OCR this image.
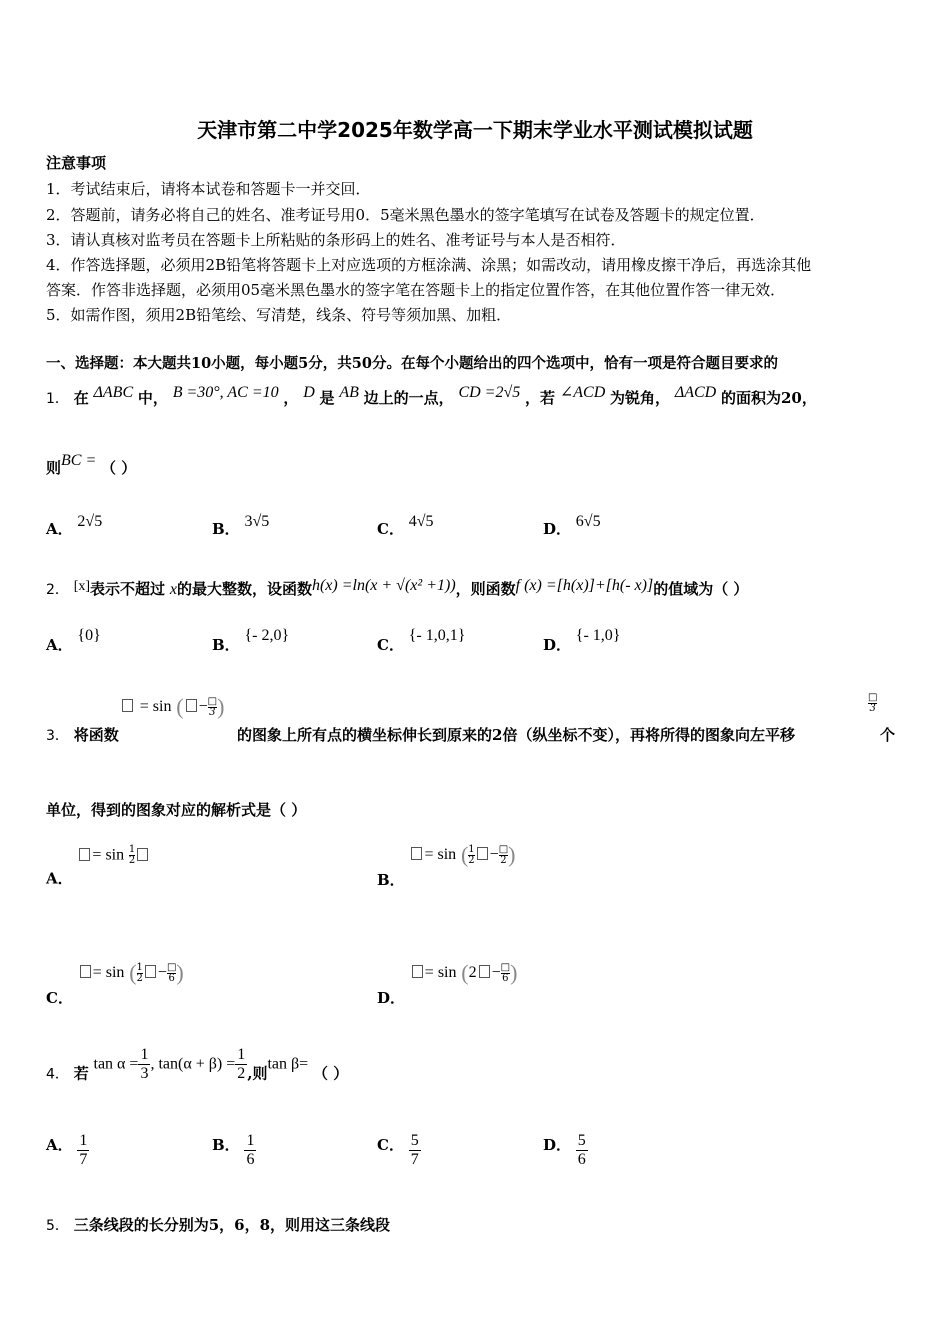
天津市第二中学2025年数学高一下期末学业水平测试模拟试题
注意事项
1．考试结束后，请将本试卷和答题卡一并交回．
2．答题前，请务必将自己的姓名、准考证号用0．5毫米黑色墨水的签字笔填写在试卷及答题卡的规定位置．
3．请认真核对监考员在答题卡上所粘贴的条形码上的姓名、准考证号与本人是否相符．
4．作答选择题，必须用2B铅笔将答题卡上对应选项的方框涂满、涂黑；如需改动，请用橡皮擦干净后，再选涂其他
答案．作答非选择题，必须用05毫米黑色墨水的签字笔在答题卡上的指定位置作答，在其他位置作答一律无效．
5．如需作图，须用2B铅笔绘、写清楚，线条、符号等须加黑、加粗．
一、选择题：本大题共10小题，每小题5分，共50分。在每个小题给出的四个选项中，恰有一项是符合题目要求的
1． 在 ΔABC 中， B =30°, AC =10 ， D 是 AB 边上的一点， CD =2√5 ，若 ∠ACD 为锐角， ΔACD 的面积为20，
则BC = （ ）
A． 2√5	B． 3√5	C． 4√5	D． 6√5
2． [x]表示不超过 x的最大整数，设函数h(x) =ln(x + √(x² +1))，则函数f (x) =[h(x)]+[h(- x)]的值域为（ ）
A． {0}
B． {- 2,0}
C． {- 1,0,1}
D． {- 1,0}
3． 将函数
= sin ( − $\frac{□}{3}$)
的图象上所有点的横坐标伸长到原来的2倍（纵坐标不变），再将所得的图象向左平移
$\frac{□}{3}$
个
单位，得到的图象对应的解析式是（ ）
A． = $\sin \frac{1}{2}$
B． = sin ( $\frac{1}{2} - \frac{□}{2}$)
C． = sin ( $\frac{1}{2} - \frac{□}{6}$)
D． = $\sin (2 - \frac{□}{6})$
4． 若 $\tan \alpha = \frac{1}{3}$ , $\tan(\alpha + \beta) = \frac{1}{2}$ ,则tan β= （ ）
A． $\frac{1}{7}$	B． $\frac{1}{6}$	C． $\frac{5}{7}$	D． $\frac{5}{6}$
5． 三条线段的长分别为5，6，8，则用这三条线段
